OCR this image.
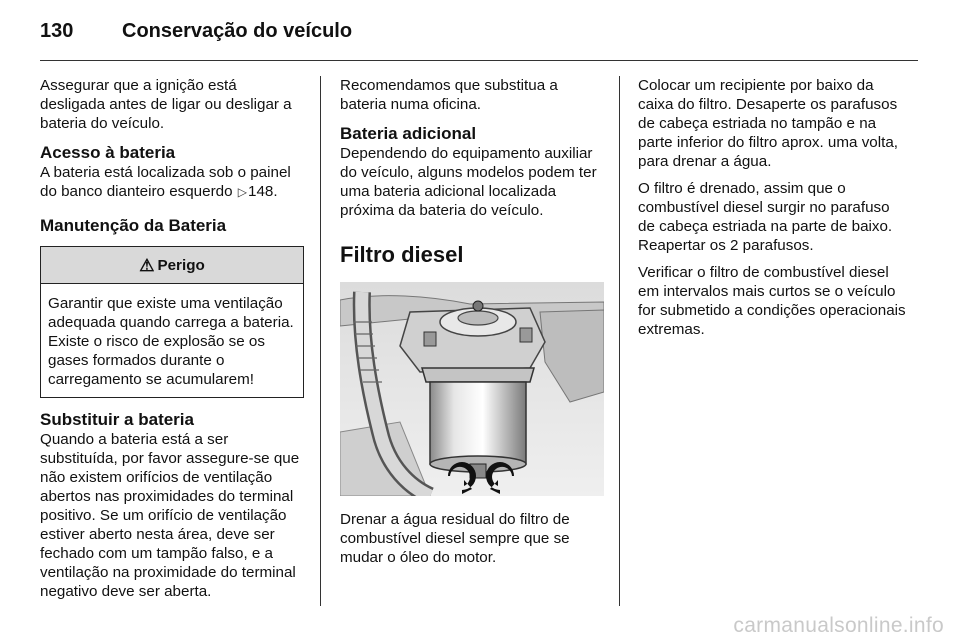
130	Conservação do veículo

Assegurar que a ignição está desligada antes de ligar ou desligar a bateria do veículo.

Acesso à bateria

A bateria está localizada sob o painel do banco dianteiro esquerdo ▷148.

Manutenção da Bateria
⚠ Perigo
Garantir que existe uma ventilação adequada quando carrega a bateria. Existe o risco de explosão se os gases formados durante o carregamento se acumularem!
Substituir a bateria

Quando a bateria está a ser substituída, por favor assegure-se que não existem orifícios de ventilação abertos nas proximidades do terminal positivo. Se um orifício de ventilação estiver aberto nesta área, deve ser fechado com um tampão falso, e a ventilação na proximidade do terminal negativo deve ser aberta.

Recomendamos que substitua a bateria numa oficina.

Bateria adicional

Dependendo do equipamento auxiliar do veículo, alguns modelos podem ter uma bateria adicional localizada próxima da bateria do veículo.

Filtro diesel

Drenar a água residual do filtro de combustível diesel sempre que se mudar o óleo do motor.

Colocar um recipiente por baixo da caixa do filtro. Desaperte os parafusos de cabeça estriada no tampão e na parte inferior do filtro aprox. uma volta, para drenar a água.

O filtro é drenado, assim que o combustível diesel surgir no parafuso de cabeça estriada na parte de baixo. Reapertar os 2 parafusos.

Verificar o filtro de combustível diesel em intervalos mais curtos se o veículo for submetido a condições operacionais extremas.

carmanualsonline.info
